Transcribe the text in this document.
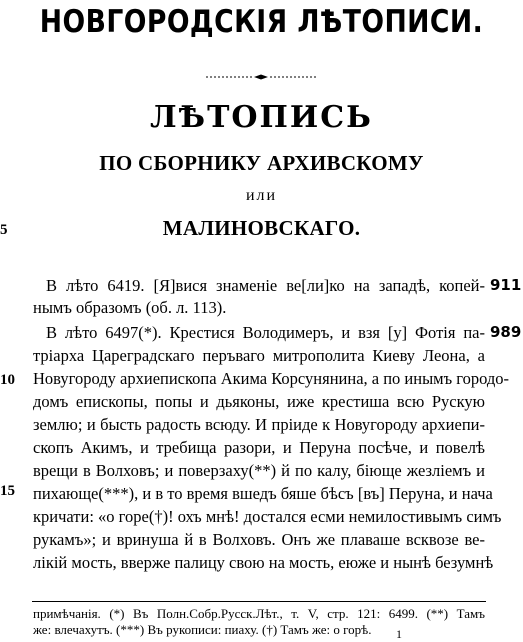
НОВГОРОДСКІЯ ЛѢТОПИСИ.
ЛѢТОПИСЬ
ПО СБОРНИКУ АРХИВСКОМУ
или
МАЛИНОВСКАГО.
5
10
15
911
989
В лѣто 6419. [Я]вися знаменіе ве[ли]ко на западѣ, копей-
нымъ образомъ (об. л. 113).
В лѣто 6497(*). Крестися Володимеръ, и взя [у] Фотія па-
тріарха Цареградскаго перъваго митрополита Киеву Леона, а
Новугороду архиепископа Акима Корсунянина, а по инымъ городо-
домъ епископы, попы и дьяконы, иже крестиша всю Рускую
землю; и бысть радость всюду. И пріиде к Новугороду архиепи-
скопъ Акимъ, и требища разори, и Перуна посѣче, и повелѣ
врещи в Волховъ; и поверзаху(**) й по калу, біюще жезліемъ и
пихающе(***), и в то время вшедъ бяше бѣсъ [въ] Перуна, и нача
кричати: «о горе(†)! охъ мнѣ! достался есми немилостивымъ симъ
рукамъ»; и вринуша й в Волховъ. Онъ же плаваше всквозе ве-
лікій мость, вверже палицу свою на мость, еюже и нынѣ безумнѣ
примѣчанія. (*) Въ Полн.Собр.Русск.Лѣт., т. V, стр. 121: 6499. (**) Тамъ
же: влечахутъ. (***) Въ рукописи: пиаху. (†) Тамъ же: о горѣ.	1
